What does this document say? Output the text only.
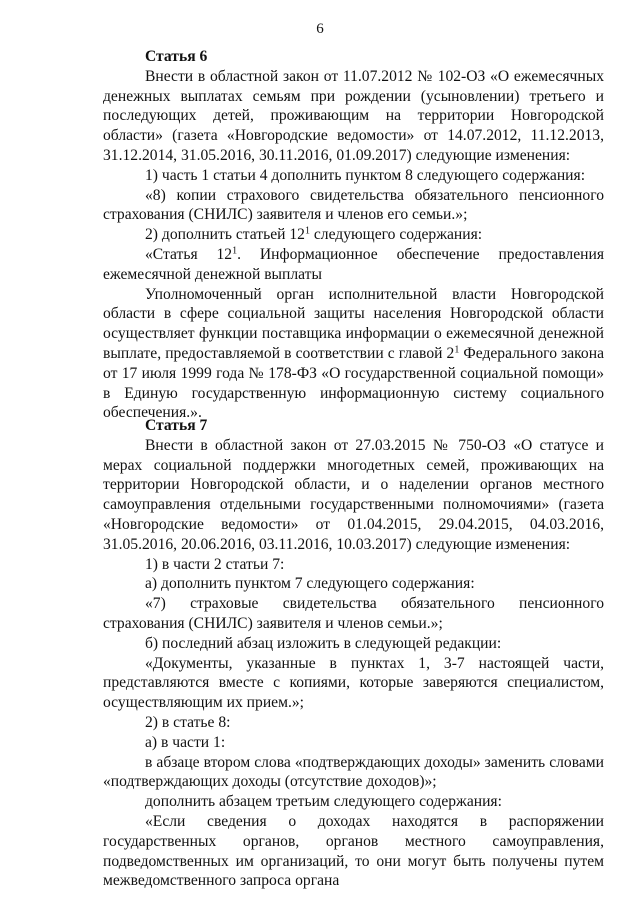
6
Статья 6

Внести в областной закон от 11.07.2012 № 102-ОЗ «О ежемесячных денежных выплатах семьям при рождении (усыновлении) третьего и последующих детей, проживающим на территории Новгородской области» (газета «Новгородские ведомости» от 14.07.2012, 11.12.2013, 31.12.2014, 31.05.2016, 30.11.2016, 01.09.2017) следующие изменения:

1) часть 1 статьи 4 дополнить пунктом 8 следующего содержания:

«8) копии страхового свидетельства обязательного пенсионного страхования (СНИЛС) заявителя и членов его семьи.»;

2) дополнить статьей $12^1$ следующего содержания:

«Статья $12^1$. Информационное обеспечение предоставления ежемесячной денежной выплаты

Уполномоченный орган исполнительной власти Новгородской области в сфере социальной защиты населения Новгородской области осуществляет функции поставщика информации о ежемесячной денежной выплате, предоставляемой в соответствии с главой $2^1$ Федерального закона от 17 июля 1999 года № 178-ФЗ «О государственной социальной помощи» в Единую государственную информационную систему социального обеспечения.».

Статья 7

Внести в областной закон от 27.03.2015 № 750-ОЗ «О статусе и мерах социальной поддержки многодетных семей, проживающих на территории Новгородской области, и о наделении органов местного самоуправления отдельными государственными полномочиями» (газета «Новгородские ведомости» от 01.04.2015, 29.04.2015, 04.03.2016, 31.05.2016, 20.06.2016, 03.11.2016, 10.03.2017) следующие изменения:

1) в части 2 статьи 7:

а) дополнить пунктом 7 следующего содержания:

«7) страховые свидетельства обязательного пенсионного страхования (СНИЛС) заявителя и членов семьи.»;

б) последний абзац изложить в следующей редакции:

«Документы, указанные в пунктах 1, 3-7 настоящей части, представляются вместе с копиями, которые заверяются специалистом, осуществляющим их прием.»;

2) в статье 8:

а) в части 1:

в абзаце втором слова «подтверждающих доходы» заменить словами «подтверждающих доходы (отсутствие доходов)»;

дополнить абзацем третьим следующего содержания:

«Если сведения о доходах находятся в распоряжении государственных органов, органов местного самоуправления, подведомственных им организаций, то они могут быть получены путем межведомственного запроса органа
